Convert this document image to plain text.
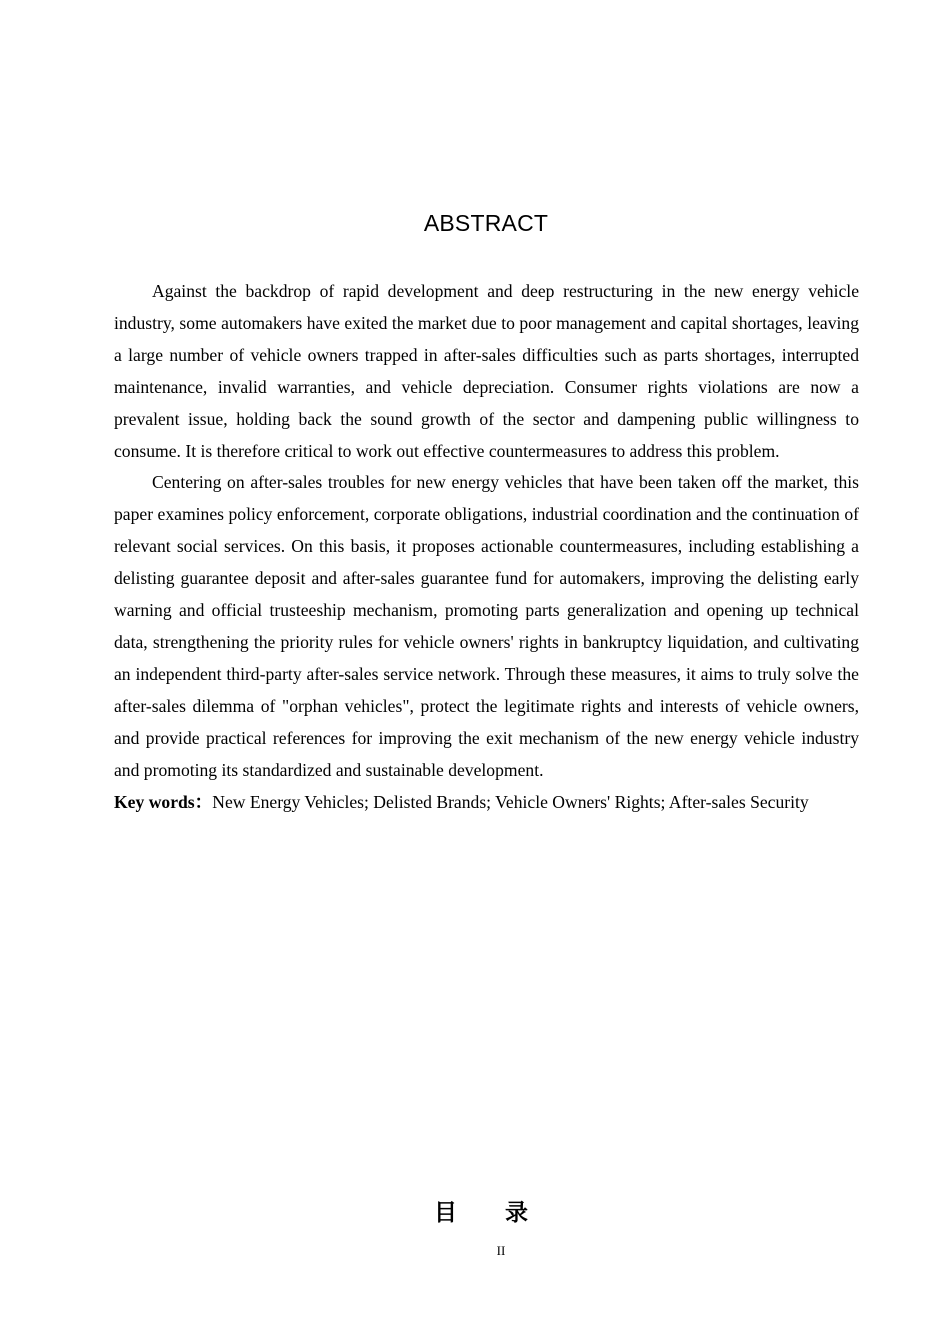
ABSTRACT

Against the backdrop of rapid development and deep restructuring in the new energy vehicle industry, some automakers have exited the market due to poor management and capital shortages, leaving a large number of vehicle owners trapped in after-sales difficulties such as parts shortages, interrupted maintenance, invalid warranties, and vehicle depreciation. Consumer rights violations are now a prevalent issue, holding back the sound growth of the sector and dampening public willingness to consume. It is therefore critical to work out effective countermeasures to address this problem.

Centering on after-sales troubles for new energy vehicles that have been taken off the market, this paper examines policy enforcement, corporate obligations, industrial coordination and the continuation of relevant social services. On this basis, it proposes actionable countermeasures, including establishing a delisting guarantee deposit and after-sales guarantee fund for automakers, improving the delisting early warning and official trusteeship mechanism, promoting parts generalization and opening up technical data, strengthening the priority rules for vehicle owners' rights in bankruptcy liquidation, and cultivating an independent third-party after-sales service network. Through these measures, it aims to truly solve the after-sales dilemma of "orphan vehicles", protect the legitimate rights and interests of vehicle owners, and provide practical references for improving the exit mechanism of the new energy vehicle industry and promoting its standardized and sustainable development.

Key words：New Energy Vehicles; Delisted Brands; Vehicle Owners' Rights; After-sales Security

目 录
II
